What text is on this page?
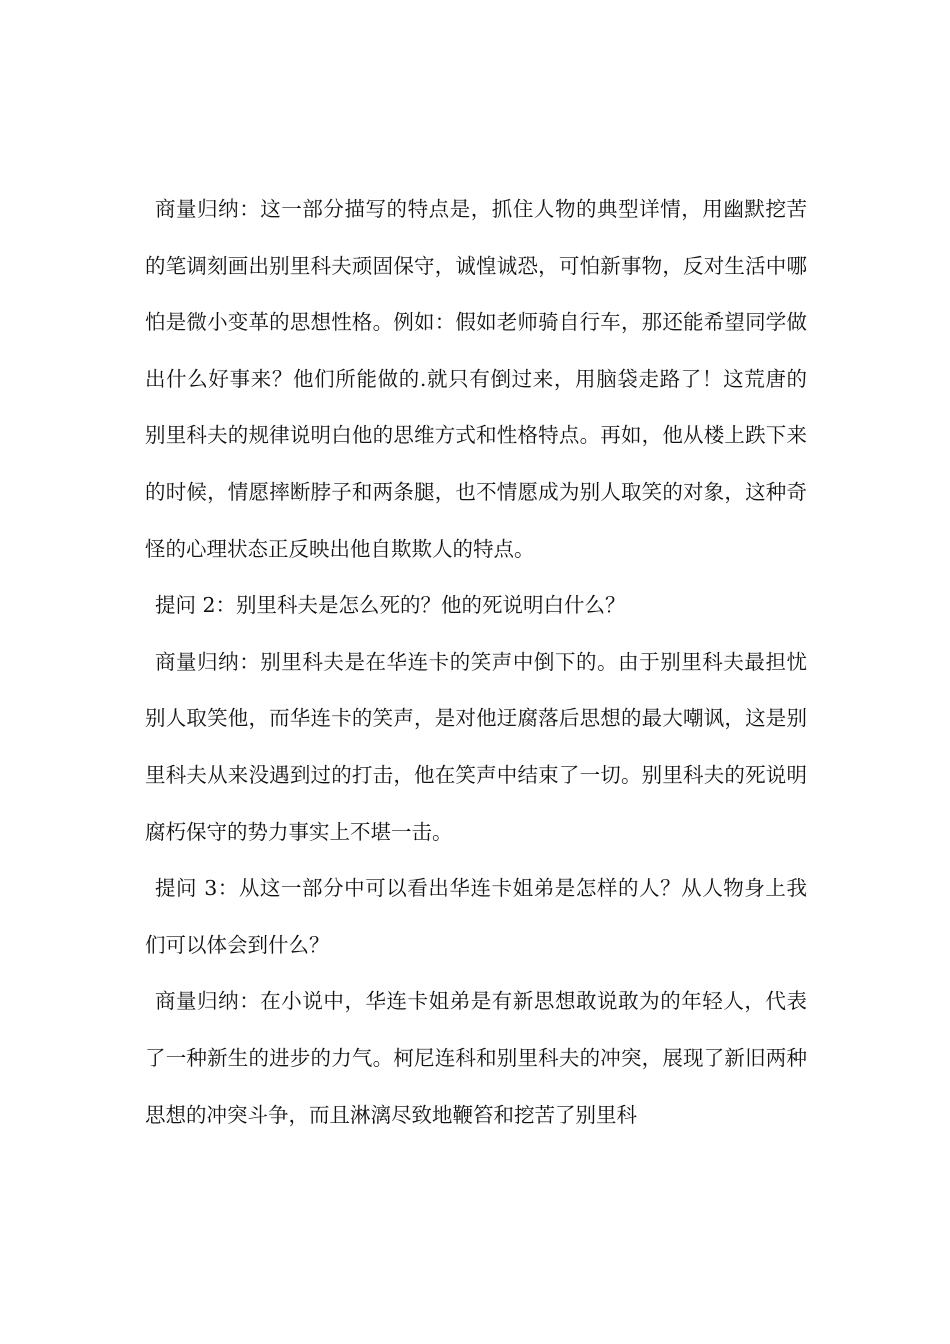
商量归纳：这一部分描写的特点是，抓住人物的典型详情，用幽默挖苦的笔调刻画出别里科夫顽固保守，诚惶诚恐，可怕新事物，反对生活中哪怕是微小变革的思想性格。例如：假如老师骑自行车，那还能希望同学做出什么好事来？他们所能做的.就只有倒过来，用脑袋走路了！这荒唐的别里科夫的规律说明白他的思维方式和性格特点。再如，他从楼上跌下来的时候，情愿摔断脖子和两条腿，也不情愿成为别人取笑的对象，这种奇怪的心理状态正反映出他自欺欺人的特点。

提问 2：别里科夫是怎么死的？他的死说明白什么？

商量归纳：别里科夫是在华连卡的笑声中倒下的。由于别里科夫最担忧别人取笑他，而华连卡的笑声，是对他迂腐落后思想的最大嘲讽，这是别里科夫从来没遇到过的打击，他在笑声中结束了一切。别里科夫的死说明腐朽保守的势力事实上不堪一击。

提问 3：从这一部分中可以看出华连卡姐弟是怎样的人？从人物身上我们可以体会到什么？

商量归纳：在小说中，华连卡姐弟是有新思想敢说敢为的年轻人，代表了一种新生的进步的力气。柯尼连科和别里科夫的冲突，展现了新旧两种思想的冲突斗争，而且淋漓尽致地鞭笞和挖苦了别里科
